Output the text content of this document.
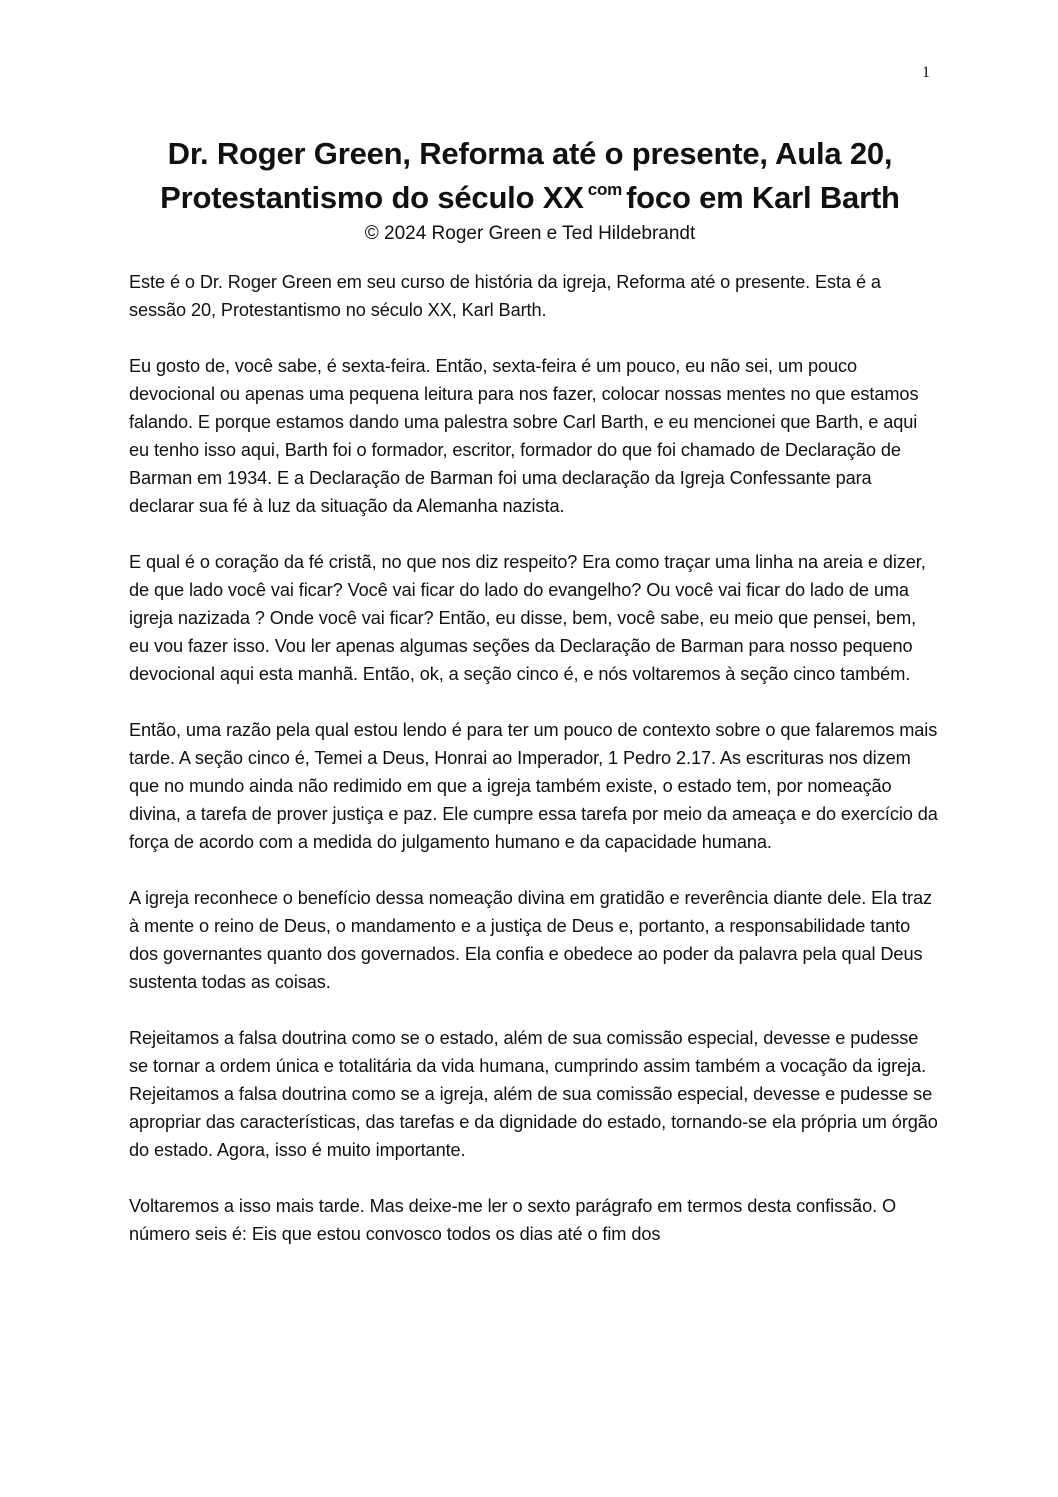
1
Dr. Roger Green, Reforma até o presente, Aula 20,
Protestantismo do século XX $^{com}$ foco em Karl Barth
© 2024 Roger Green e Ted Hildebrandt

Este é o Dr. Roger Green em seu curso de história da igreja, Reforma até o presente. Esta é a sessão 20, Protestantismo no século XX, Karl Barth.

Eu gosto de, você sabe, é sexta-feira. Então, sexta-feira é um pouco, eu não sei, um pouco devocional ou apenas uma pequena leitura para nos fazer, colocar nossas mentes no que estamos falando. E porque estamos dando uma palestra sobre Carl Barth, e eu mencionei que Barth, e aqui eu tenho isso aqui, Barth foi o formador, escritor, formador do que foi chamado de Declaração de Barman em 1934. E a Declaração de Barman foi uma declaração da Igreja Confessante para declarar sua fé à luz da situação da Alemanha nazista.

E qual é o coração da fé cristã, no que nos diz respeito? Era como traçar uma linha na areia e dizer, de que lado você vai ficar? Você vai ficar do lado do evangelho? Ou você vai ficar do lado de uma igreja nazizada ? Onde você vai ficar? Então, eu disse, bem, você sabe, eu meio que pensei, bem, eu vou fazer isso. Vou ler apenas algumas seções da Declaração de Barman para nosso pequeno devocional aqui esta manhã. Então, ok, a seção cinco é, e nós voltaremos à seção cinco também.

Então, uma razão pela qual estou lendo é para ter um pouco de contexto sobre o que falaremos mais tarde. A seção cinco é, Temei a Deus, Honrai ao Imperador, 1 Pedro 2.17. As escrituras nos dizem que no mundo ainda não redimido em que a igreja também existe, o estado tem, por nomeação divina, a tarefa de prover justiça e paz. Ele cumpre essa tarefa por meio da ameaça e do exercício da força de acordo com a medida do julgamento humano e da capacidade humana.

A igreja reconhece o benefício dessa nomeação divina em gratidão e reverência diante dele. Ela traz à mente o reino de Deus, o mandamento e a justiça de Deus e, portanto, a responsabilidade tanto dos governantes quanto dos governados. Ela confia e obedece ao poder da palavra pela qual Deus sustenta todas as coisas.

Rejeitamos a falsa doutrina como se o estado, além de sua comissão especial, devesse e pudesse se tornar a ordem única e totalitária da vida humana, cumprindo assim também a vocação da igreja. Rejeitamos a falsa doutrina como se a igreja, além de sua comissão especial, devesse e pudesse se apropriar das características, das tarefas e da dignidade do estado, tornando-se ela própria um órgão do estado. Agora, isso é muito importante.

Voltaremos a isso mais tarde. Mas deixe-me ler o sexto parágrafo em termos desta confissão. O número seis é: Eis que estou convosco todos os dias até o fim dos
